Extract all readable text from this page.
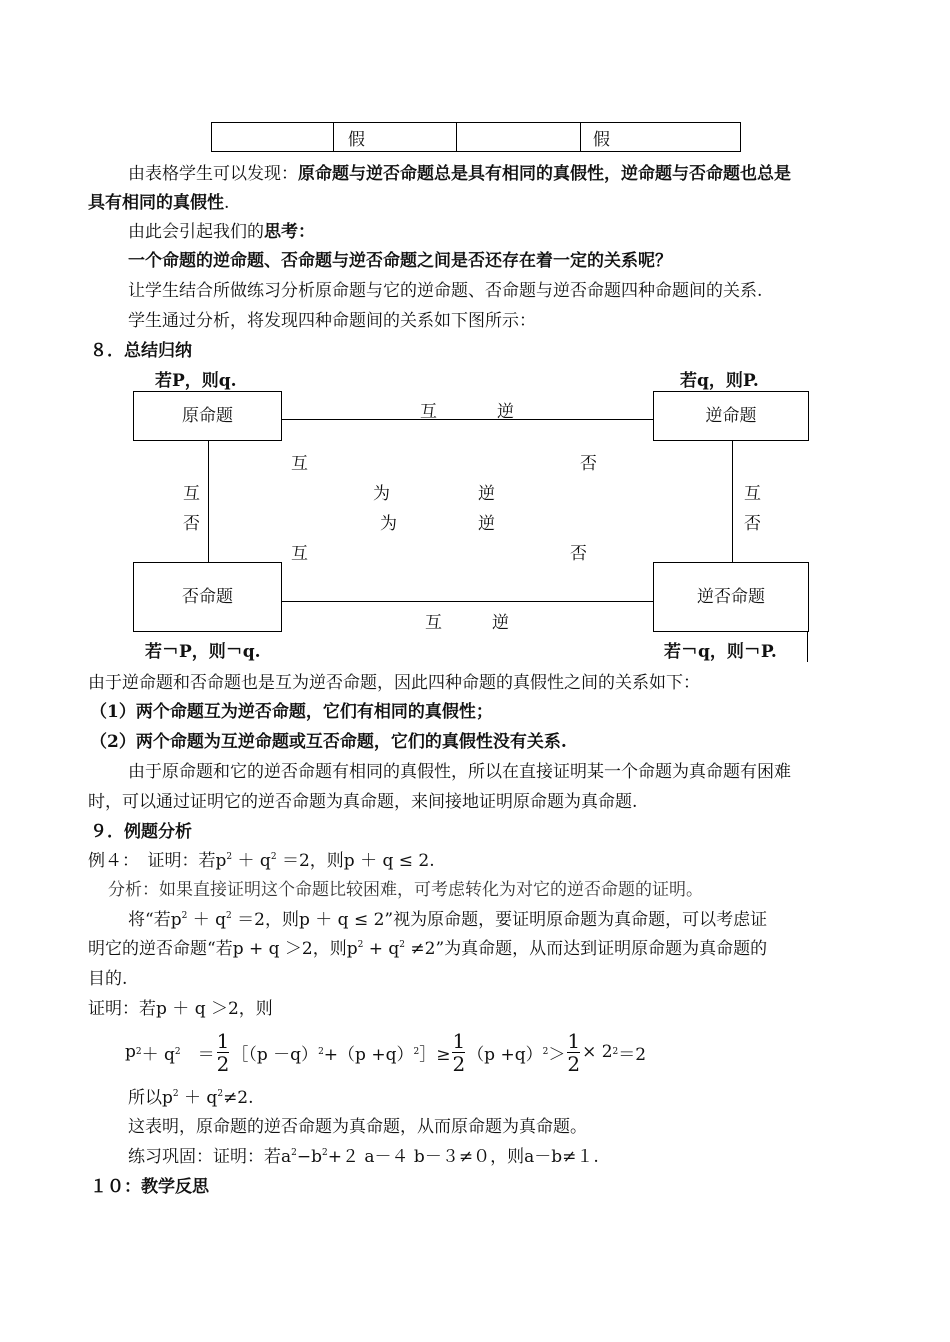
	假		假
由表格学生可以发现：原命题与逆否命题总是具有相同的真假性，逆命题与否命题也总是
具有相同的真假性.
由此会引起我们的思考：
一个命题的逆命题、否命题与逆否命题之间是否还存在着一定的关系呢？
让学生结合所做练习分析原命题与它的逆命题、否命题与逆否命题四种命题间的关系.
学生通过分析，将发现四种命题间的关系如下图所示：
８．总结归纳
若P，则q.	若q，则P.
原命题	逆命题
否命题	逆否命题
互	逆
互	否
为	逆
为	逆
互	否
互
否
互
否
互	逆
若￢P，则￢q.	若￢q，则￢P.
由于逆命题和否命题也是互为逆否命题，因此四种命题的真假性之间的关系如下：
（1）两个命题互为逆否命题，它们有相同的真假性；
（2）两个命题为互逆命题或互否命题，它们的真假性没有关系.
由于原命题和它的逆否命题有相同的真假性，所以在直接证明某一个命题为真命题有困难
时，可以通过证明它的逆否命题为真命题，来间接地证明原命题为真命题.
９．例题分析
例４：　证明：若$p^2 + q^2 =2$，则p ＋ q ≤ 2.
分析：如果直接证明这个命题比较困难，可考虑转化为对它的逆否命题的证明。
将“若$p^2 + q^2 =2$，则p ＋ q ≤ 2”视为原命题，要证明原命题为真命题，可以考虑证
明它的逆否命题“若p + q ＞2，则$p^2 + q^2 \ne 2$”为真命题，从而达到证明原命题为真命题的
目的.
证明：若p ＋ q ＞2，则
p 2 ＋ q 2 　＝ $\frac{1}{2}$ ［（p －q） 2 +（p +q） 2 ］≥ $\frac{1}{2} (p +q) 2 > \frac{1}{2} \times 2$ 2 ＝2
所以$p^2 + q^2\ne 2$.
这表明，原命题的逆否命题为真命题，从而原命题为真命题。
练习巩固：证明：若$a^2-b^2+2$ a－４ b－３≠０，则a－b≠１.
１０：教学反思
